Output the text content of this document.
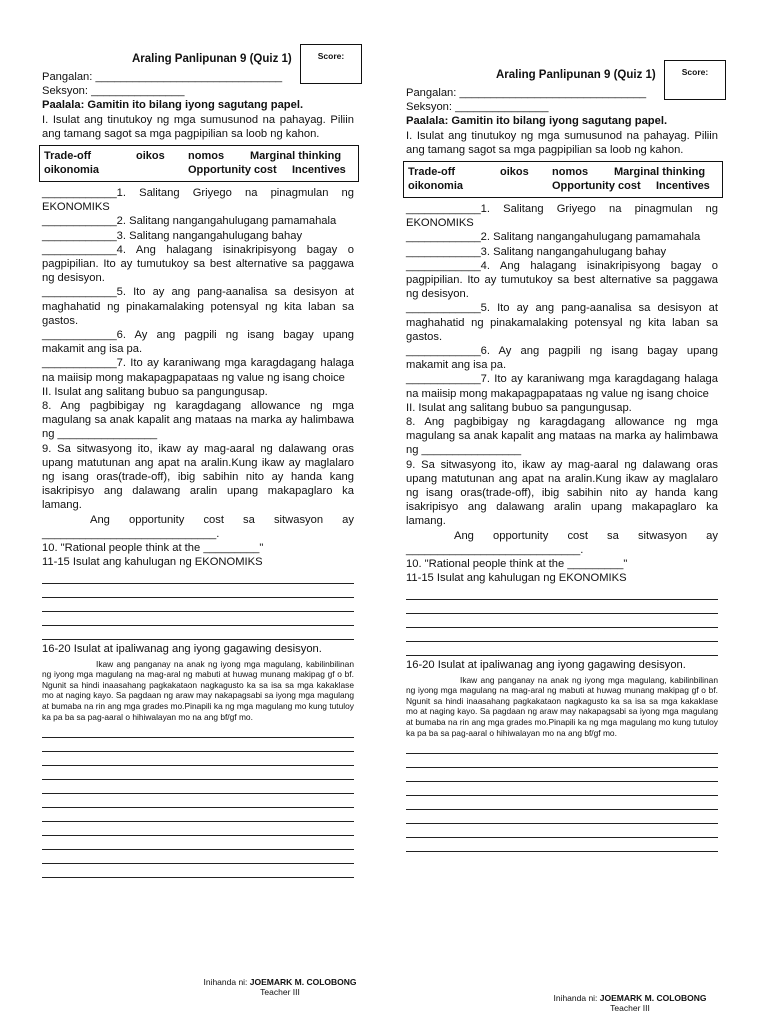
Araling Panlipunan 9 (Quiz 1)	Score:
Pangalan: ______________________________
Seksyon: _______________
Paalala: Gamitin ito bilang iyong sagutang papel.
I. Isulat ang tinutukoy ng mga sumusunod na pahayag. Piliin ang tamang sagot sa mga pagpipilian sa loob ng kahon.
Trade-off	oikos	nomos	Marginal thinking
oikonomia	Opportunity cost	Incentives

____________1. Salitang Griyego na pinagmulan ng EKONOMIKS

____________2. Salitang nangangahulugang pamamahala

____________3. Salitang nangangahulugang bahay

____________4. Ang halagang isinakripisyong bagay o pagpipilian. Ito ay tumutukoy sa best alternative sa paggawa ng desisyon.

____________5. Ito ay ang pang-aanalisa sa desisyon at maghahatid ng pinakamalaking potensyal ng kita laban sa gastos.

____________6. Ay ang pagpili ng isang bagay upang makamit ang isa pa.

____________7. Ito ay karaniwang mga karagdagang halaga na maiisip mong makapagpapataas ng value ng isang choice

II. Isulat ang salitang bubuo sa pangungusap.

8. Ang pagbibigay ng karagdagang allowance ng mga magulang sa anak kapalit ang mataas na marka ay halimbawa ng ________________

9. Sa sitwasyong ito, ikaw ay mag-aaral ng dalawang oras upang matutunan ang apat na aralin.Kung ikaw ay maglalaro ng isang oras(trade-off), ibig sabihin nito ay handa kang isakripisyo ang dalawang aralin upang makapaglaro ka lamang.

Ang opportunity cost sa sitwasyon ay ____________________________.

10. "Rational people think at the _________"
11-15 Isulat ang kahulugan ng EKONOMIKS
16-20 Isulat at ipaliwanag ang iyong gagawing desisyon.
Ikaw ang panganay na anak ng iyong mga magulang, kabilinbilinan ng iyong mga magulang na mag-aral ng mabuti at huwag munang makipag gf o bf. Ngunit sa hindi inaasahang pagkakataon nagkagusto ka sa isa sa mga kakaklase mo at naging kayo. Sa pagdaan ng araw may nakapagsabi sa iyong mga magulang at bumaba na rin ang mga grades mo.Pinapili ka ng mga magulang mo kung tutuloy ka pa ba sa pag-aaral o hihiwalayan mo na ang bf/gf mo.
Araling Panlipunan 9 (Quiz 1)	Score:
Pangalan: ______________________________
Seksyon: _______________
Paalala: Gamitin ito bilang iyong sagutang papel.
I. Isulat ang tinutukoy ng mga sumusunod na pahayag. Piliin ang tamang sagot sa mga pagpipilian sa loob ng kahon.
Trade-off	oikos	nomos	Marginal thinking
oikonomia	Opportunity cost	Incentives

____________1. Salitang Griyego na pinagmulan ng EKONOMIKS

____________2. Salitang nangangahulugang pamamahala

____________3. Salitang nangangahulugang bahay

____________4. Ang halagang isinakripisyong bagay o pagpipilian. Ito ay tumutukoy sa best alternative sa paggawa ng desisyon.

____________5. Ito ay ang pang-aanalisa sa desisyon at maghahatid ng pinakamalaking potensyal ng kita laban sa gastos.

____________6. Ay ang pagpili ng isang bagay upang makamit ang isa pa.

____________7. Ito ay karaniwang mga karagdagang halaga na maiisip mong makapagpapataas ng value ng isang choice

II. Isulat ang salitang bubuo sa pangungusap.

8. Ang pagbibigay ng karagdagang allowance ng mga magulang sa anak kapalit ang mataas na marka ay halimbawa ng ________________

9. Sa sitwasyong ito, ikaw ay mag-aaral ng dalawang oras upang matutunan ang apat na aralin.Kung ikaw ay maglalaro ng isang oras(trade-off), ibig sabihin nito ay handa kang isakripisyo ang dalawang aralin upang makapaglaro ka lamang.

Ang opportunity cost sa sitwasyon ay ____________________________.

10. "Rational people think at the _________"
11-15 Isulat ang kahulugan ng EKONOMIKS
16-20 Isulat at ipaliwanag ang iyong gagawing desisyon.
Ikaw ang panganay na anak ng iyong mga magulang, kabilinbilinan ng iyong mga magulang na mag-aral ng mabuti at huwag munang makipag gf o bf. Ngunit sa hindi inaasahang pagkakataon nagkagusto ka sa isa sa mga kakaklase mo at naging kayo. Sa pagdaan ng araw may nakapagsabi sa iyong mga magulang at bumaba na rin ang mga grades mo.Pinapili ka ng mga magulang mo kung tutuloy ka pa ba sa pag-aaral o hihiwalayan mo na ang bf/gf mo.
Inihanda ni: JOEMARK M. COLOBONG
Teacher III
Inihanda ni: JOEMARK M. COLOBONG
Teacher III
